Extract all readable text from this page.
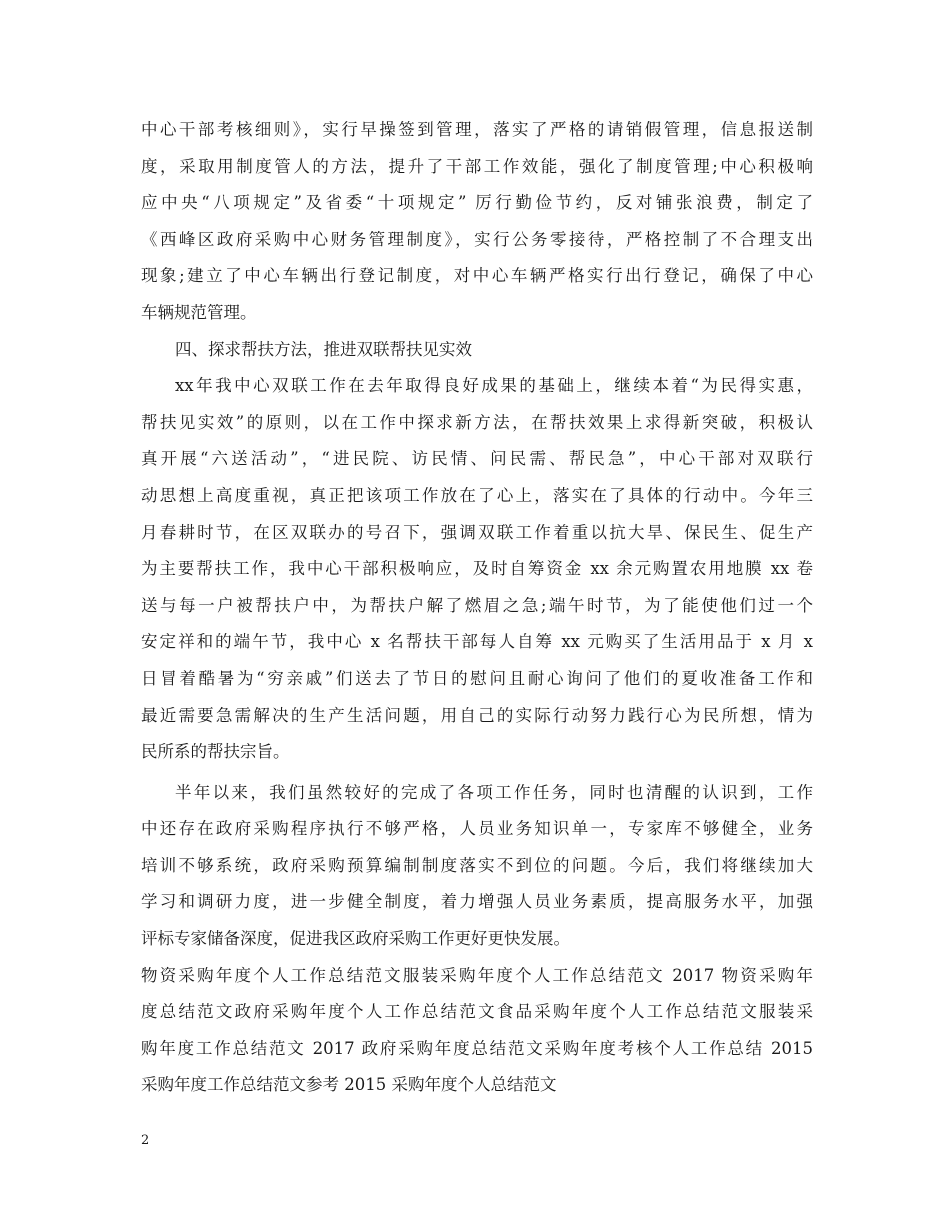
中心干部考核细则》，实行早操签到管理，落实了严格的请销假管理，信息报送制
度，采取用制度管人的方法，提升了干部工作效能，强化了制度管理;中心积极响
应中央“八项规定”及省委“十项规定” 厉行勤俭节约，反对铺张浪费，制定了
《西峰区政府采购中心财务管理制度》，实行公务零接待，严格控制了不合理支出
现象;建立了中心车辆出行登记制度，对中心车辆严格实行出行登记，确保了中心
车辆规范管理。
四、探求帮扶方法，推进双联帮扶见实效
xx年我中心双联工作在去年取得良好成果的基础上，继续本着“为民得实惠，
帮扶见实效”的原则，以在工作中探求新方法，在帮扶效果上求得新突破，积极认
真开展“六送活动”，“进民院、访民情、问民需、帮民急”，中心干部对双联行
动思想上高度重视，真正把该项工作放在了心上，落实在了具体的行动中。今年三
月春耕时节，在区双联办的号召下，强调双联工作着重以抗大旱、保民生、促生产
为主要帮扶工作，我中心干部积极响应，及时自筹资金 xx 余元购置农用地膜 xx 卷
送与每一户被帮扶户中，为帮扶户解了燃眉之急;端午时节，为了能使他们过一个
安定祥和的端午节，我中心 x 名帮扶干部每人自筹 xx 元购买了生活用品于 x 月 x
日冒着酷暑为“穷亲戚”们送去了节日的慰问且耐心询问了他们的夏收准备工作和
最近需要急需解决的生产生活问题，用自己的实际行动努力践行心为民所想，情为
民所系的帮扶宗旨。
半年以来，我们虽然较好的完成了各项工作任务，同时也清醒的认识到，工作
中还存在政府采购程序执行不够严格，人员业务知识单一，专家库不够健全，业务
培训不够系统，政府采购预算编制制度落实不到位的问题。今后，我们将继续加大
学习和调研力度，进一步健全制度，着力增强人员业务素质，提高服务水平，加强
评标专家储备深度，促进我区政府采购工作更好更快发展。
物资采购年度个人工作总结范文服装采购年度个人工作总结范文 2017 物资采购年
度总结范文政府采购年度个人工作总结范文食品采购年度个人工作总结范文服装采
购年度工作总结范文 2017 政府采购年度总结范文采购年度考核个人工作总结 2015
采购年度工作总结范文参考 2015 采购年度个人总结范文
2
